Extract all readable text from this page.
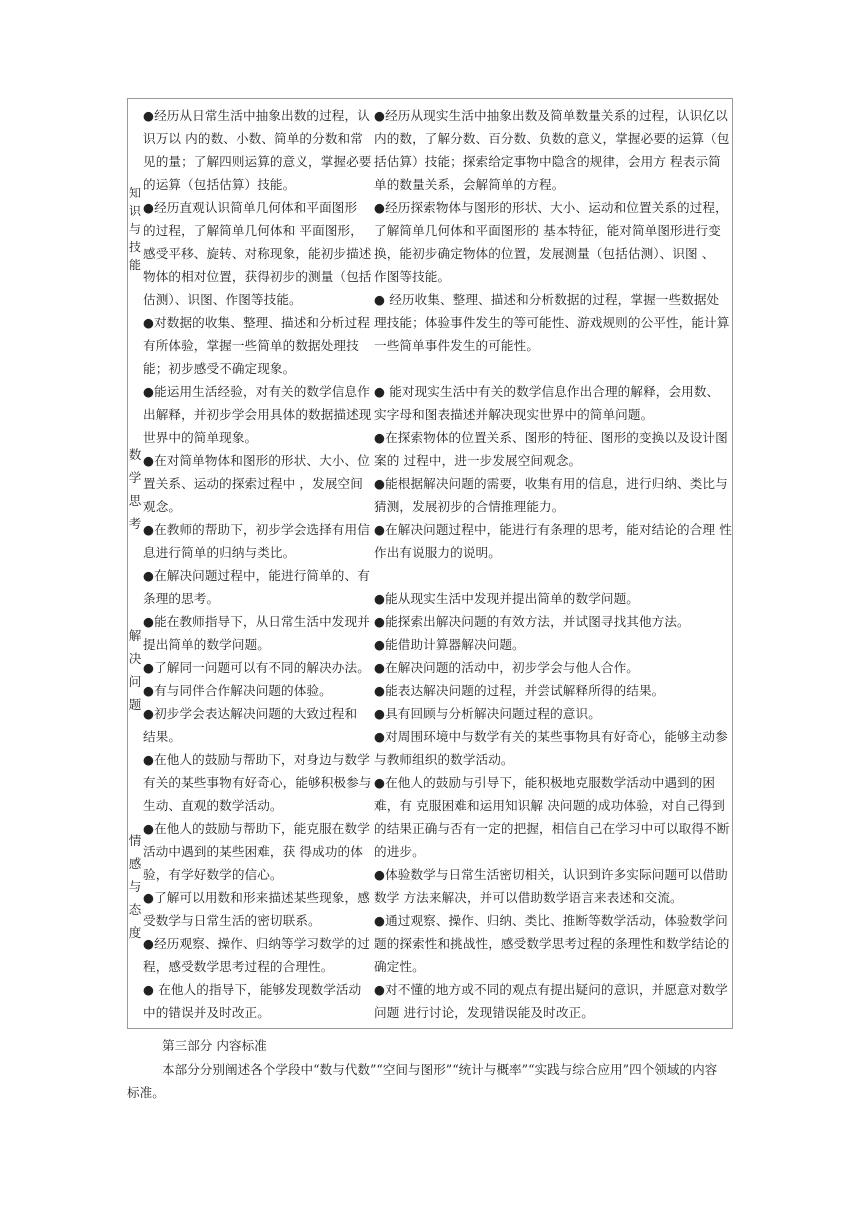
知识与技能
数
学
思
考
解
决
问
题
情
感
与
态
度
●经历从日常生活中抽象出数的过程，认
识万以 内的数、小数、简单的分数和常
见的量；了解四则运算的意义，掌握必要
的运算（包括估算）技能。
●经历直观认识简单几何体和平面图形
的过程，了解简单几何体和 平面图形，
感受平移、旋转、对称现象，能初步描述
物体的相对位置，获得初步的测量（包括
估测）、识图、作图等技能。
●对数据的收集、整理、描述和分析过程
有所体验，掌握一些简单的数据处理技
能；初步感受不确定现象。
●能运用生活经验，对有关的数学信息作
出解释，并初步学会用具体的数据描述现
世界中的简单现象。
●在对简单物体和图形的形状、大小、位
置关系、运动的探索过程中 ，发展空间
观念。
●在教师的帮助下，初步学会选择有用信
息进行简单的归纳与类比。
●在解决问题过程中，能进行简单的、有
条理的思考。
●能在教师指导下，从日常生活中发现并
提出简单的数学问题。
●了解同一问题可以有不同的解决办法。
●有与同伴合作解决问题的体验。
●初步学会表达解决问题的大致过程和
结果。
●在他人的鼓励与帮助下，对身边与数学
有关的某些事物有好奇心，能够积极参与
生动、直观的数学活动。
●在他人的鼓励与帮助下，能克服在数学
活动中遇到的某些困难，获 得成功的体
验，有学好数学的信心。
●了解可以用数和形来描述某些现象，感
受数学与日常生活的密切联系。
●经历观察、操作、归纳等学习数学的过
程，感受数学思考过程的合理性。
● 在他人的指导下，能够发现数学活动
中的错误并及时改正。
●经历从现实生活中抽象出数及简单数量关系的过程，认识亿以
内的数，了解分数、百分数、负数的意义，掌握必要的运算（包
括估算）技能；探索给定事物中隐含的规律，会用方 程表示简
单的数量关系，会解简单的方程。
●经历探索物体与图形的形状、大小、运动和位置关系的过程，
了解简单几何体和平面图形的 基本特征，能对简单图形进行变
换，能初步确定物体的位置，发展测量（包括估测）、识图 、
作图等技能。
● 经历收集、整理、描述和分析数据的过程，掌握一些数据处
理技能；体验事件发生的等可能性、游戏规则的公平性，能计算
一些简单事件发生的可能性。
● 能对现实生活中有关的数学信息作出合理的解释，会用数、
实字母和图表描述并解决现实世界中的简单问题。
●在探索物体的位置关系、图形的特征、图形的变换以及设计图
案的 过程中，进一步发展空间观念。
●能根据解决问题的需要，收集有用的信息，进行归纳、类比与
猜测，发展初步的合情推理能力。
●在解决问题过程中，能进行有条理的思考，能对结论的合理 性
作出有说服力的说明。
●能从现实生活中发现并提出简单的数学问题。
●能探索出解决问题的有效方法，并试图寻找其他方法。
●能借助计算器解决问题。
●在解决问题的活动中，初步学会与他人合作。
●能表达解决问题的过程，并尝试解释所得的结果。
●具有回顾与分析解决问题过程的意识。
●对周围环境中与数学有关的某些事物具有好奇心，能够主动参
与教师组织的数学活动。
●在他人的鼓励与引导下，能积极地克服数学活动中遇到的困
难，有 克服困难和运用知识解 决问题的成功体验，对自己得到
的结果正确与否有一定的把握，相信自己在学习中可以取得不断
的进步。
●体验数学与日常生活密切相关，认识到许多实际问题可以借助
数学 方法来解决，并可以借助数学语言来表述和交流。
●通过观察、操作、归纳、类比、推断等数学活动，体验数学问
题的探索性和挑战性，感受数学思考过程的条理性和数学结论的
确定性。
●对不懂的地方或不同的观点有提出疑问的意识，并愿意对数学
问题 进行讨论，发现错误能及时改正。
第三部分 内容标准
本部分分别阐述各个学段中“数与代数”“空间与图形”“统计与概率”“实践与综合应用”四个领域的内容
标准。
